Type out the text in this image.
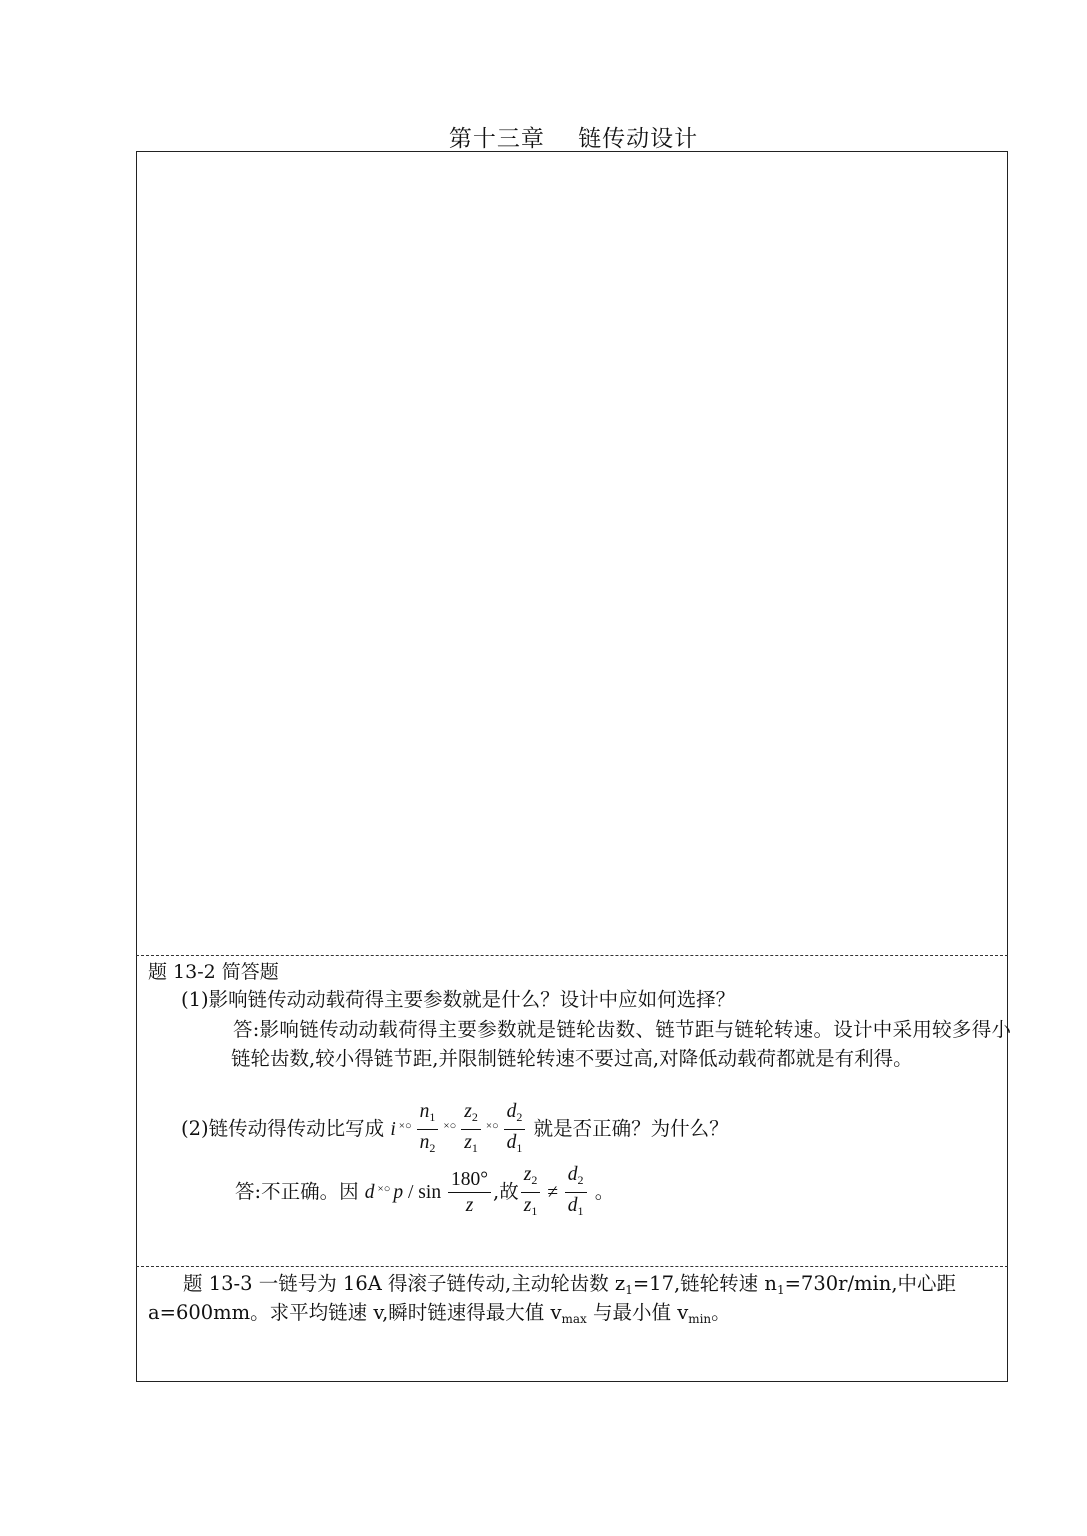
第十三章    链传动设计
题 13-2 简答题
(1)影响链传动动载荷得主要参数就是什么？设计中应如何选择？
答:影响链传动动载荷得主要参数就是链轮齿数、链节距与链轮转速。设计中采用较多得小链轮齿数,较小得链节距,并限制链轮转速不要过高,对降低动载荷都就是有利得。
(2)链传动得传动比写成 i $^{\times○} \frac{n_1}{n_2} ^{\times○} \frac{z_2}{z_1} ^{\times○} \frac{d_2}{d_1}$ 就是否正确？为什么？
答:不正确。因 d ×○ p / $\sin \frac{180^\circ}{z}$ ,故 $\frac{z_2}{z_1} \ne \frac{d_2}{d_1}$ 。
题 13-3 一链号为 16A 得滚子链传动,主动轮齿数 $z_1=17$,链轮转速 $n_1=730r/\min$,中心距
a=600mm。求平均链速 v,瞬时链速得最大值 $v_{max}$ 与最小值 $v_{min}$。
